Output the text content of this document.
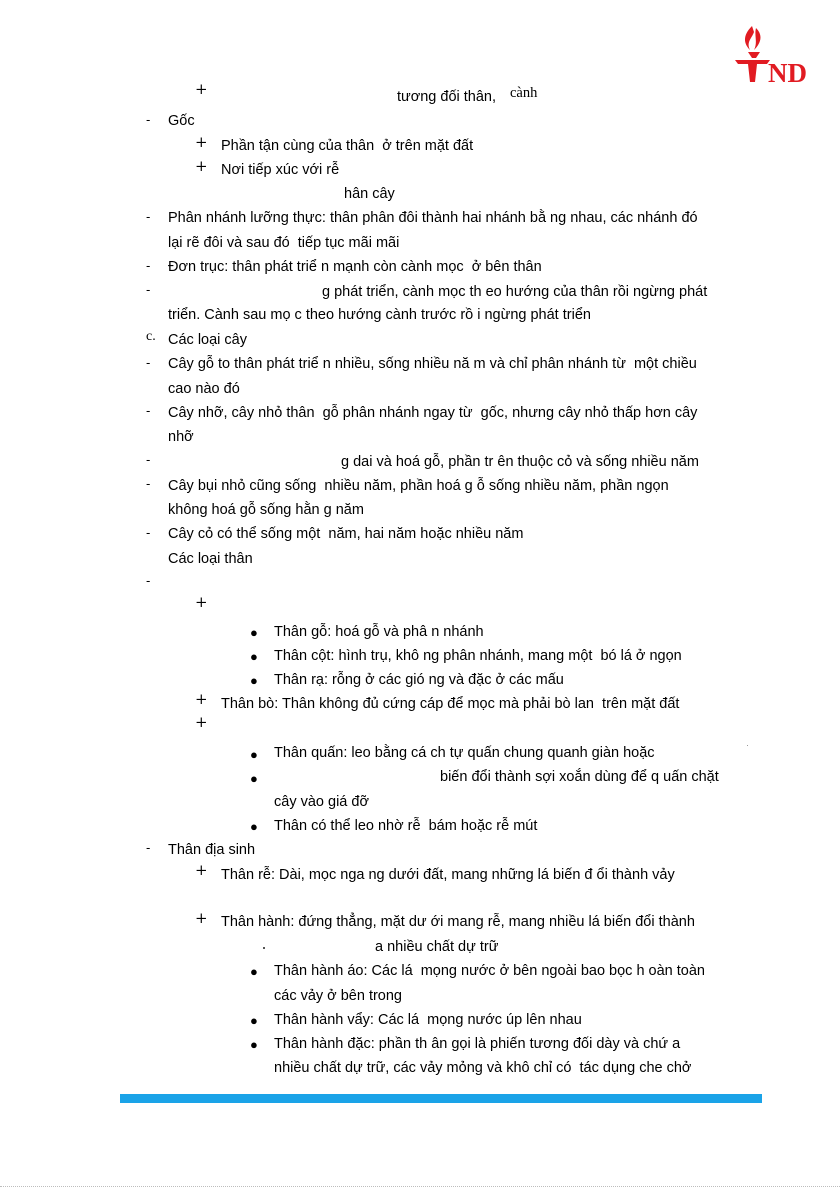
ND
+	tương đối thân, cành
- Gốc
+ Phần tận cùng của thân  ở trên mặt đất
+ Nơi tiếp xúc với rễ
hân cây
- Phân nhánh lưỡng thực: thân phân đôi thành hai nhánh bằ ng nhau, các nhánh đó
lại rẽ đôi và sau đó  tiếp tục mãi mãi
- Đơn trục: thân phát triể n mạnh còn cành mọc  ở bên thân
-	g phát triển, cành mọc th eo hướng của thân rồi ngừng phát
triển. Cành sau mọ c theo hướng cành trước rồ i ngừng phát triển
c. Các loại cây
- Cây gỗ to thân phát triể n nhiều, sống nhiều nă m và chỉ phân nhánh từ  một chiều
cao nào đó
- Cây nhỡ, cây nhỏ thân  gỗ phân nhánh ngay từ  gốc, nhưng cây nhỏ thấp hơn cây
nhỡ
-	g dai và hoá gỗ, phần tr ên thuộc cỏ và sống nhiều năm
- Cây bụi nhỏ cũng sống  nhiều năm, phần hoá g ỗ sống nhiều năm, phần ngọn
không hoá gỗ sống hằn g năm
- Cây cỏ có thể sống một  năm, hai năm hoặc nhiều năm
Các loại thân
-
+
● Thân gỗ: hoá gỗ và phâ n nhánh
● Thân cột: hình trụ, khô ng phân nhánh, mang một  bó lá ở ngọn
● Thân rạ: rỗng ở các gió ng và đặc ở các mấu
+ Thân bò: Thân không đủ cứng cáp để mọc mà phải bò lan  trên mặt đất
+
● Thân quấn: leo bằng cá ch tự quấn chung quanh giàn hoặc
●	biến đổi thành sợi xoắn dùng để q uấn chặt
cây vào giá đỡ
● Thân có thể leo nhờ rễ  bám hoặc rễ mút
- Thân địa sinh
+ Thân rễ: Dài, mọc nga ng dưới đất, mang những lá biến đ ổi thành vảy
+ Thân hành: đứng thẳng, mặt dư ới mang rễ, mang nhiều lá biến đổi thành
a nhiều chất dự trữ
● Thân hành áo: Các lá  mọng nước ở bên ngoài bao bọc h oàn toàn
các vảy ở bên trong
● Thân hành vẩy: Các lá  mọng nước úp lên nhau
● Thân hành đặc: phần th ân gọi là phiến tương đối dày và chứ a
nhiều chất dự trữ, các vảy mỏng và khô chỉ có  tác dụng che chở
